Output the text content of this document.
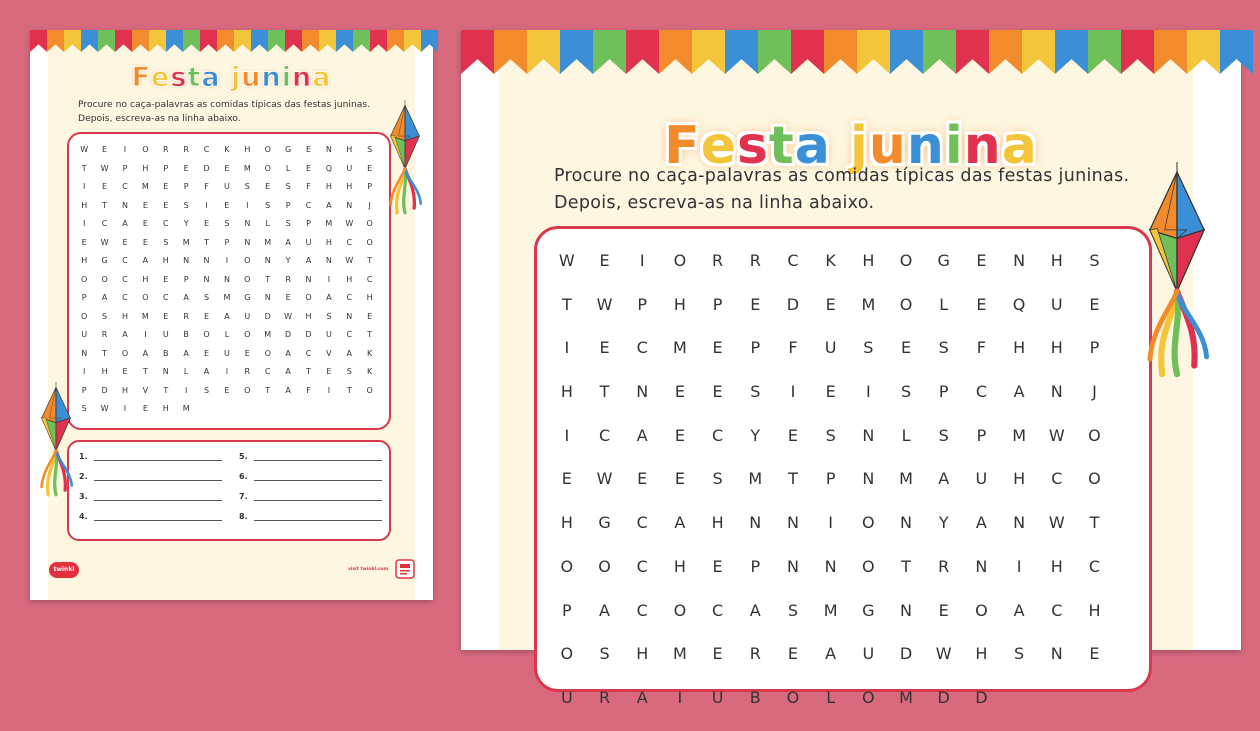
Festa junina
Procure no caça-palavras as comidas típicas das festas juninas.
Depois, escreva-as na linha abaixo.
W	E	I	O	R	R	C	K	H	O	G	E	N	H	S
T	W	P	H	P	E	D	E	M	O	L	E	Q	U	E
I	E	C	M	E	P	F	U	S	E	S	F	H	H	P
H	T	N	E	E	S	I	E	I	S	P	C	A	N	J
I	C	A	E	C	Y	E	S	N	L	S	P	M	W	O
E	W	E	E	S	M	T	P	N	M	A	U	H	C	O
H	G	C	A	H	N	N	I	O	N	Y	A	N	W	T
O	O	C	H	E	P	N	N	O	T	R	N	I	H	C
P	A	C	O	C	A	S	M	G	N	E	O	A	C	H
O	S	H	M	E	R	E	A	U	D	W	H	S	N	E
U	R	A	I	U	B	O	L	O	M	D	D	U	C	T
N	T	O	A	B	A	E	U	E	O	A	C	V	A	K
I	H	E	T	N	L	A	I	R	C	A	T	E	S	K
P	D	H	V	T	I	S	E	O	T	A	F	I	T	O
S	W	I	E	H	M
1.
2.
3.
4.
5.
6.
7.
8.
twinkl	visit twinkl.com
Festa junina
Procure no caça-palavras as comidas típicas das festas juninas.
Depois, escreva-as na linha abaixo.
W	E	I	O	R	R	C	K	H	O	G	E	N	H	S
T	W	P	H	P	E	D	E	M	O	L	E	Q	U	E
I	E	C	M	E	P	F	U	S	E	S	F	H	H	P
H	T	N	E	E	S	I	E	I	S	P	C	A	N	J
I	C	A	E	C	Y	E	S	N	L	S	P	M	W	O
E	W	E	E	S	M	T	P	N	M	A	U	H	C	O
H	G	C	A	H	N	N	I	O	N	Y	A	N	W	T
O	O	C	H	E	P	N	N	O	T	R	N	I	H	C
P	A	C	O	C	A	S	M	G	N	E	O	A	C	H
O	S	H	M	E	R	E	A	U	D	W	H	S	N	E
U	R	A	I	U	B	O	L	O	M	D	D
